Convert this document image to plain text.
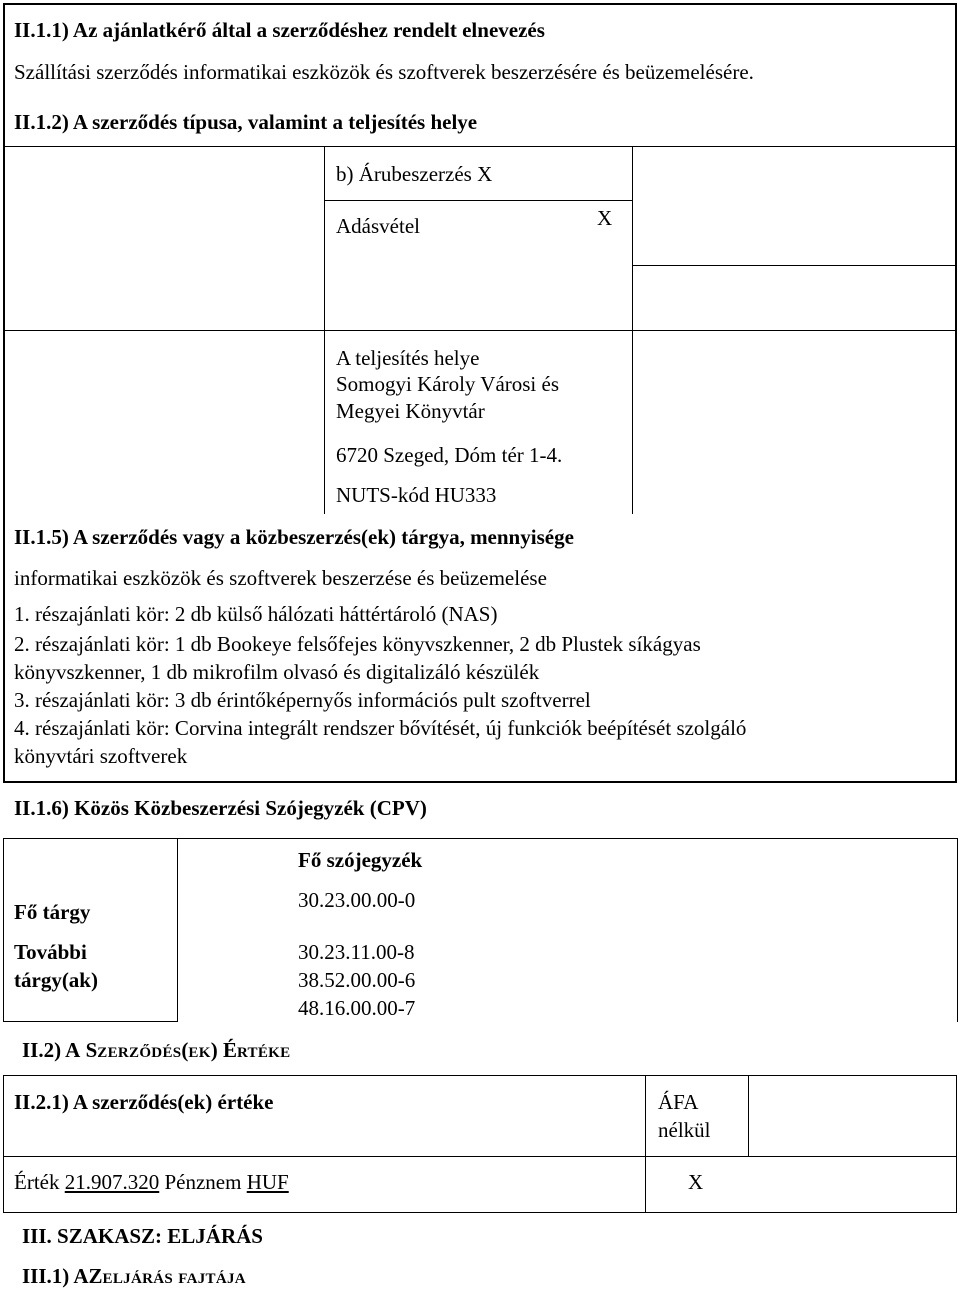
II.1.1) Az ajánlatkérő által a szerződéshez rendelt elnevezés
Szállítási szerződés informatikai eszközök és szoftverek beszerzésére és beüzemelésére.
II.1.2) A szerződés típusa, valamint a teljesítés helye
b) Árubeszerzés X
Adásvétel	X
A teljesítés helye
Somogyi Károly Városi és
Megyei Könyvtár
6720 Szeged, Dóm tér 1-4.
NUTS-kód HU333
II.1.5) A szerződés vagy a közbeszerzés(ek) tárgya, mennyisége
informatikai eszközök és szoftverek beszerzése és beüzemelése
1. részajánlati kör: 2 db külső hálózati háttértároló (NAS)
2. részajánlati kör: 1 db Bookeye felsőfejes könyvszkenner, 2 db Plustek síkágyas
könyvszkenner, 1 db mikrofilm olvasó és digitalizáló készülék
3. részajánlati kör: 3 db érintőképernyős információs pult szoftverrel
4. részajánlati kör: Corvina integrált rendszer bővítését, új funkciók beépítését szolgáló
könyvtári szoftverek
II.1.6) Közös Közbeszerzési Szójegyzék (CPV)
Fő szójegyzék
Fő tárgy	30.23.00.00-0
További
tárgy(ak)
30.23.11.00-8
38.52.00.00-6
48.16.00.00-7
II.2) A SZERZŐDÉS(EK) ÉRTÉKE
II.2.1) A szerződés(ek) értéke	ÁFA
nélkül
Érték 21.907.320 Pénznem HUF	X
III. SZAKASZ: ELJÁRÁS
III.1) AZELJÁRÁS FAJTÁJA
